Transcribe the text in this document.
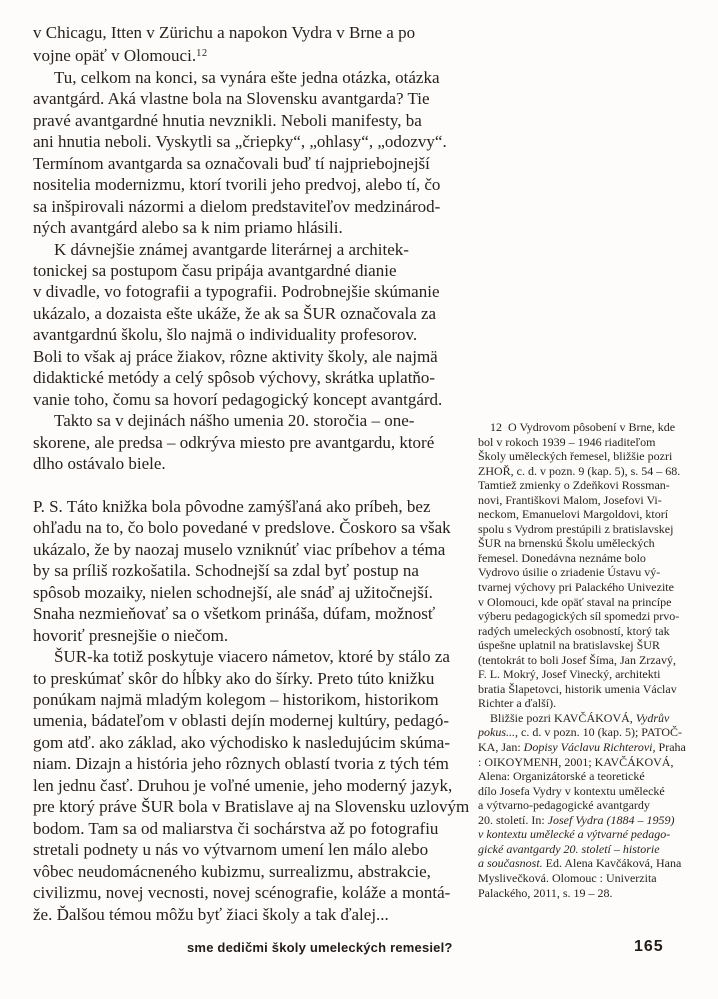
v Chicagu, Itten v Zürichu a napokon Vydra v Brne a po
vojne opäť v Olomouci.$^{12}$
Tu, celkom na konci, sa vynára ešte jedna otázka, otázka
avantgárd. Aká vlastne bola na Slovensku avantgarda? Tie
pravé avantgardné hnutia nevznikli. Neboli manifesty, ba
ani hnutia neboli. Vyskytli sa „čriepky“, „ohlasy“, „odozvy“.
Termínom avantgarda sa označovali buď tí najpriebojnejší
nositelia modernizmu, ktorí tvorili jeho predvoj, alebo tí, čo
sa inšpirovali názormi a dielom predstaviteľov medzinárod-
ných avantgárd alebo sa k nim priamo hlásili.
K dávnejšie známej avantgarde literárnej a architek-
tonickej sa postupom času pripája avantgardné dianie
v divadle, vo fotografii a typografii. Podrobnejšie skúmanie
ukázalo, a dozaista ešte ukáže, že ak sa ŠUR označovala za
avantgardnú školu, šlo najmä o individuality profesorov.
Boli to však aj práce žiakov, rôzne aktivity školy, ale najmä
didaktické metódy a celý spôsob výchovy, skrátka uplatňo-
vanie toho, čomu sa hovorí pedagogický koncept avantgárd.
Takto sa v dejinách nášho umenia 20. storočia – one-
skorene, ale predsa – odkrýva miesto pre avantgardu, ktoré
dlho ostávalo biele.
P. S. Táto knižka bola pôvodne zamýšľaná ako príbeh, bez
ohľadu na to, čo bolo povedané v predslove. Čoskoro sa však
ukázalo, že by naozaj muselo vzniknúť viac príbehov a téma
by sa príliš rozkošatila. Schodnejší sa zdal byť postup na
spôsob mozaiky, nielen schodnejší, ale snáď aj užitočnejší.
Snaha nezmieňovať sa o všetkom prináša, dúfam, možnosť
hovoriť presnejšie o niečom.
ŠUR-ka totiž poskytuje viacero námetov, ktoré by stálo za
to preskúmať skôr do hĺbky ako do šírky. Preto túto knižku
ponúkam najmä mladým kolegom – historikom, historikom
umenia, bádateľom v oblasti dejín modernej kultúry, pedagó-
gom atď. ako základ, ako východisko k nasledujúcim skúma-
niam. Dizajn a história jeho rôznych oblastí tvoria z tých tém
len jednu časť. Druhou je voľné umenie, jeho moderný jazyk,
pre ktorý práve ŠUR bola v Bratislave aj na Slovensku uzlovým
bodom. Tam sa od maliarstva či sochárstva až po fotografiu
stretali podnety u nás vo výtvarnom umení len málo alebo
vôbec neudomácneného kubizmu, surrealizmu, abstrakcie,
civilizmu, novej vecnosti, novej scénografie, koláže a montá-
že. Ďalšou témou môžu byť žiaci školy a tak ďalej...
12  O Vydrovom pôsobení v Brne, kde
bol v rokoch 1939 – 1946 riaditeľom
Školy uměleckých řemesel, bližšie pozri
ZHOŘ, c. d. v pozn. 9 (kap. 5), s. 54 – 68.
Tamtiež zmienky o Zdeňkovi Rossman-
novi, Františkovi Malom, Josefovi Vi-
neckom, Emanuelovi Margoldovi, ktorí
spolu s Vydrom prestúpili z bratislavskej
ŠUR na brnenskú Školu uměleckých
řemesel. Donedávna neznáme bolo
Vydrovo úsilie o zriadenie Ústavu vý-
tvarnej výchovy pri Palackého Univezite
v Olomouci, kde opäť staval na princípe
výberu pedagogických síl spomedzi prvo-
radých umeleckých osobností, ktorý tak
úspešne uplatnil na bratislavskej ŠUR
(tentokrát to boli Josef Šíma, Jan Zrzavý,
F. L. Mokrý, Josef Vinecký, architekti
bratia Šlapetovci, historik umenia Václav
Richter a ďalší).
Bližšie pozri KAVČÁKOVÁ, Vydrův
pokus..., c. d. v pozn. 10 (kap. 5); PATOČ-
KA, Jan: Dopisy Václavu Richterovi, Praha
: OIKOYMENH, 2001; KAVČÁKOVÁ,
Alena: Organizátorské a teoretické
dílo Josefa Vydry v kontextu umělecké
a výtvarno-pedagogické avantgardy
20. století. In: Josef Vydra (1884 – 1959)
v kontextu umělecké a výtvarné pedago-
gické avantgardy 20. století – historie
a současnost. Ed. Alena Kavčáková, Hana
Myslivečková. Olomouc : Univerzita
Palackého, 2011, s. 19 – 28.
sme dedičmi školy umeleckých remesiel?	165
